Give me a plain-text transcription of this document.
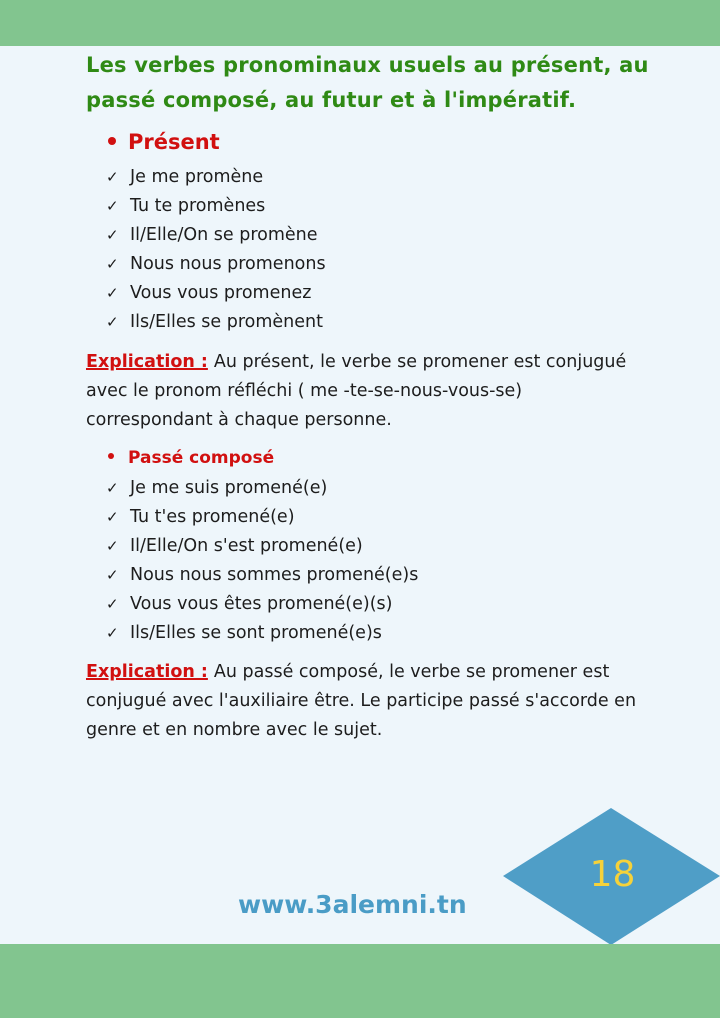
Les verbes pronominaux usuels au présent, au passé composé, au futur et à l'impératif.
Présent
✓ Je me promène
✓ Tu te promènes
✓ Il/Elle/On se promène
✓ Nous nous promenons
✓ Vous vous promenez
✓ Ils/Elles se promènent
Explication : Au présent, le verbe se promener est conjugué avec le pronom réfléchi ( me -te-se-nous-vous-se) correspondant à chaque personne.
Passé composé
✓ Je me suis promené(e)
✓ Tu t'es promené(e)
✓ Il/Elle/On s'est promené(e)
✓ Nous nous sommes promené(e)s
✓ Vous vous êtes promené(e)(s)
✓ Ils/Elles se sont promené(e)s
Explication : Au passé composé, le verbe se promener est conjugué avec l'auxiliaire être. Le participe passé s'accorde en genre et en nombre avec le sujet.
18
www.3alemni.tn
